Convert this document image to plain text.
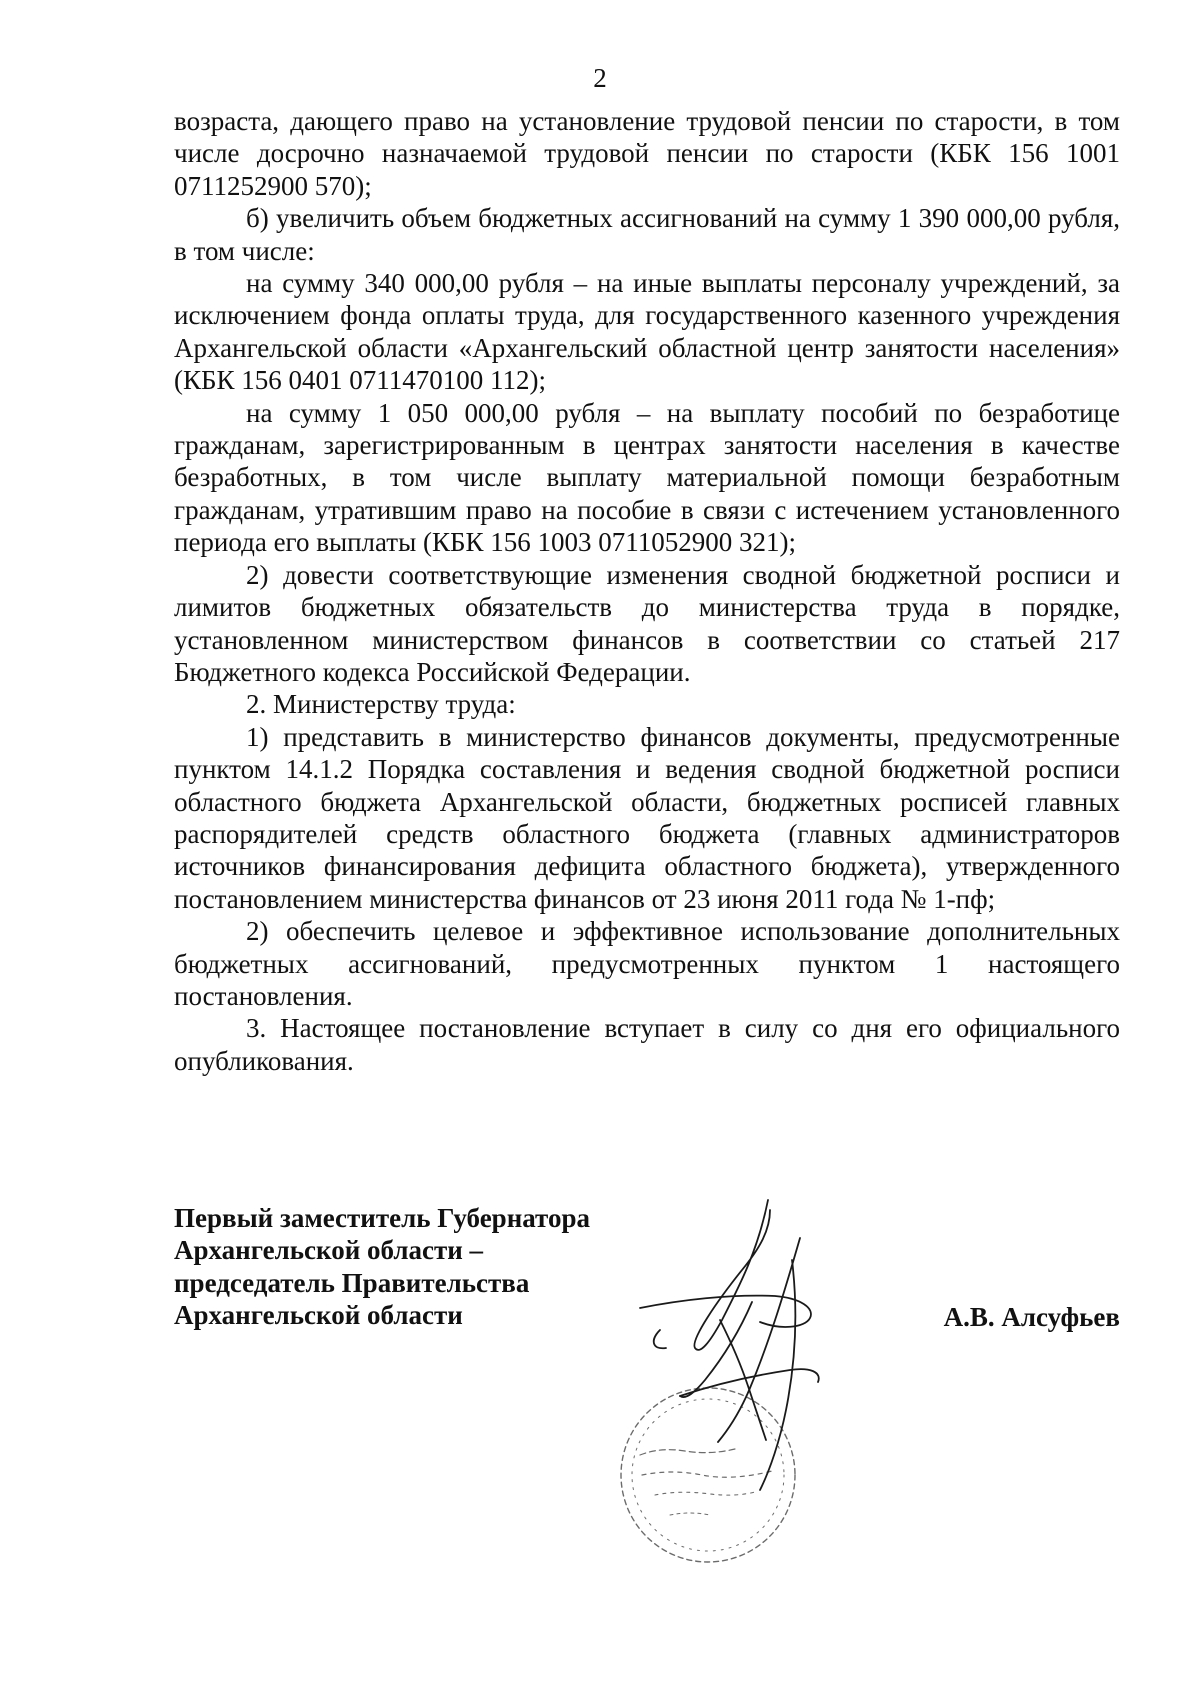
2

возраста, дающего право на установление трудовой пенсии по старости, в том числе досрочно назначаемой трудовой пенсии по старости (КБК 156 1001 0711252900 570);

б) увеличить объем бюджетных ассигнований на сумму 1 390 000,00 рубля, в том числе:

на сумму 340 000,00 рубля – на иные выплаты персоналу учреждений, за исключением фонда оплаты труда, для государственного казенного учреждения Архангельской области «Архангельский областной центр занятости населения» (КБК 156 0401 0711470100 112);

на сумму 1 050 000,00 рубля – на выплату пособий по безработице гражданам, зарегистрированным в центрах занятости населения в качестве безработных, в том числе выплату материальной помощи безработным гражданам, утратившим право на пособие в связи с истечением установленного периода его выплаты (КБК 156 1003 0711052900 321);

2) довести соответствующие изменения сводной бюджетной росписи и лимитов бюджетных обязательств до министерства труда в порядке, установленном министерством финансов в соответствии со статьей 217 Бюджетного кодекса Российской Федерации.

2. Министерству труда:

1) представить в министерство финансов документы, предусмотренные пунктом 14.1.2 Порядка составления и ведения сводной бюджетной росписи областного бюджета Архангельской области, бюджетных росписей главных распорядителей средств областного бюджета (главных администраторов источников финансирования дефицита областного бюджета), утвержденного постановлением министерства финансов от 23 июня 2011 года № 1-пф;

2) обеспечить целевое и эффективное использование дополнительных бюджетных ассигнований, предусмотренных пунктом 1 настоящего постановления.

3. Настоящее постановление вступает в силу со дня его официального опубликования.

Первый заместитель Губернатора
Архангельской области –
председатель Правительства
Архангельской области	А.В. Алсуфьев
